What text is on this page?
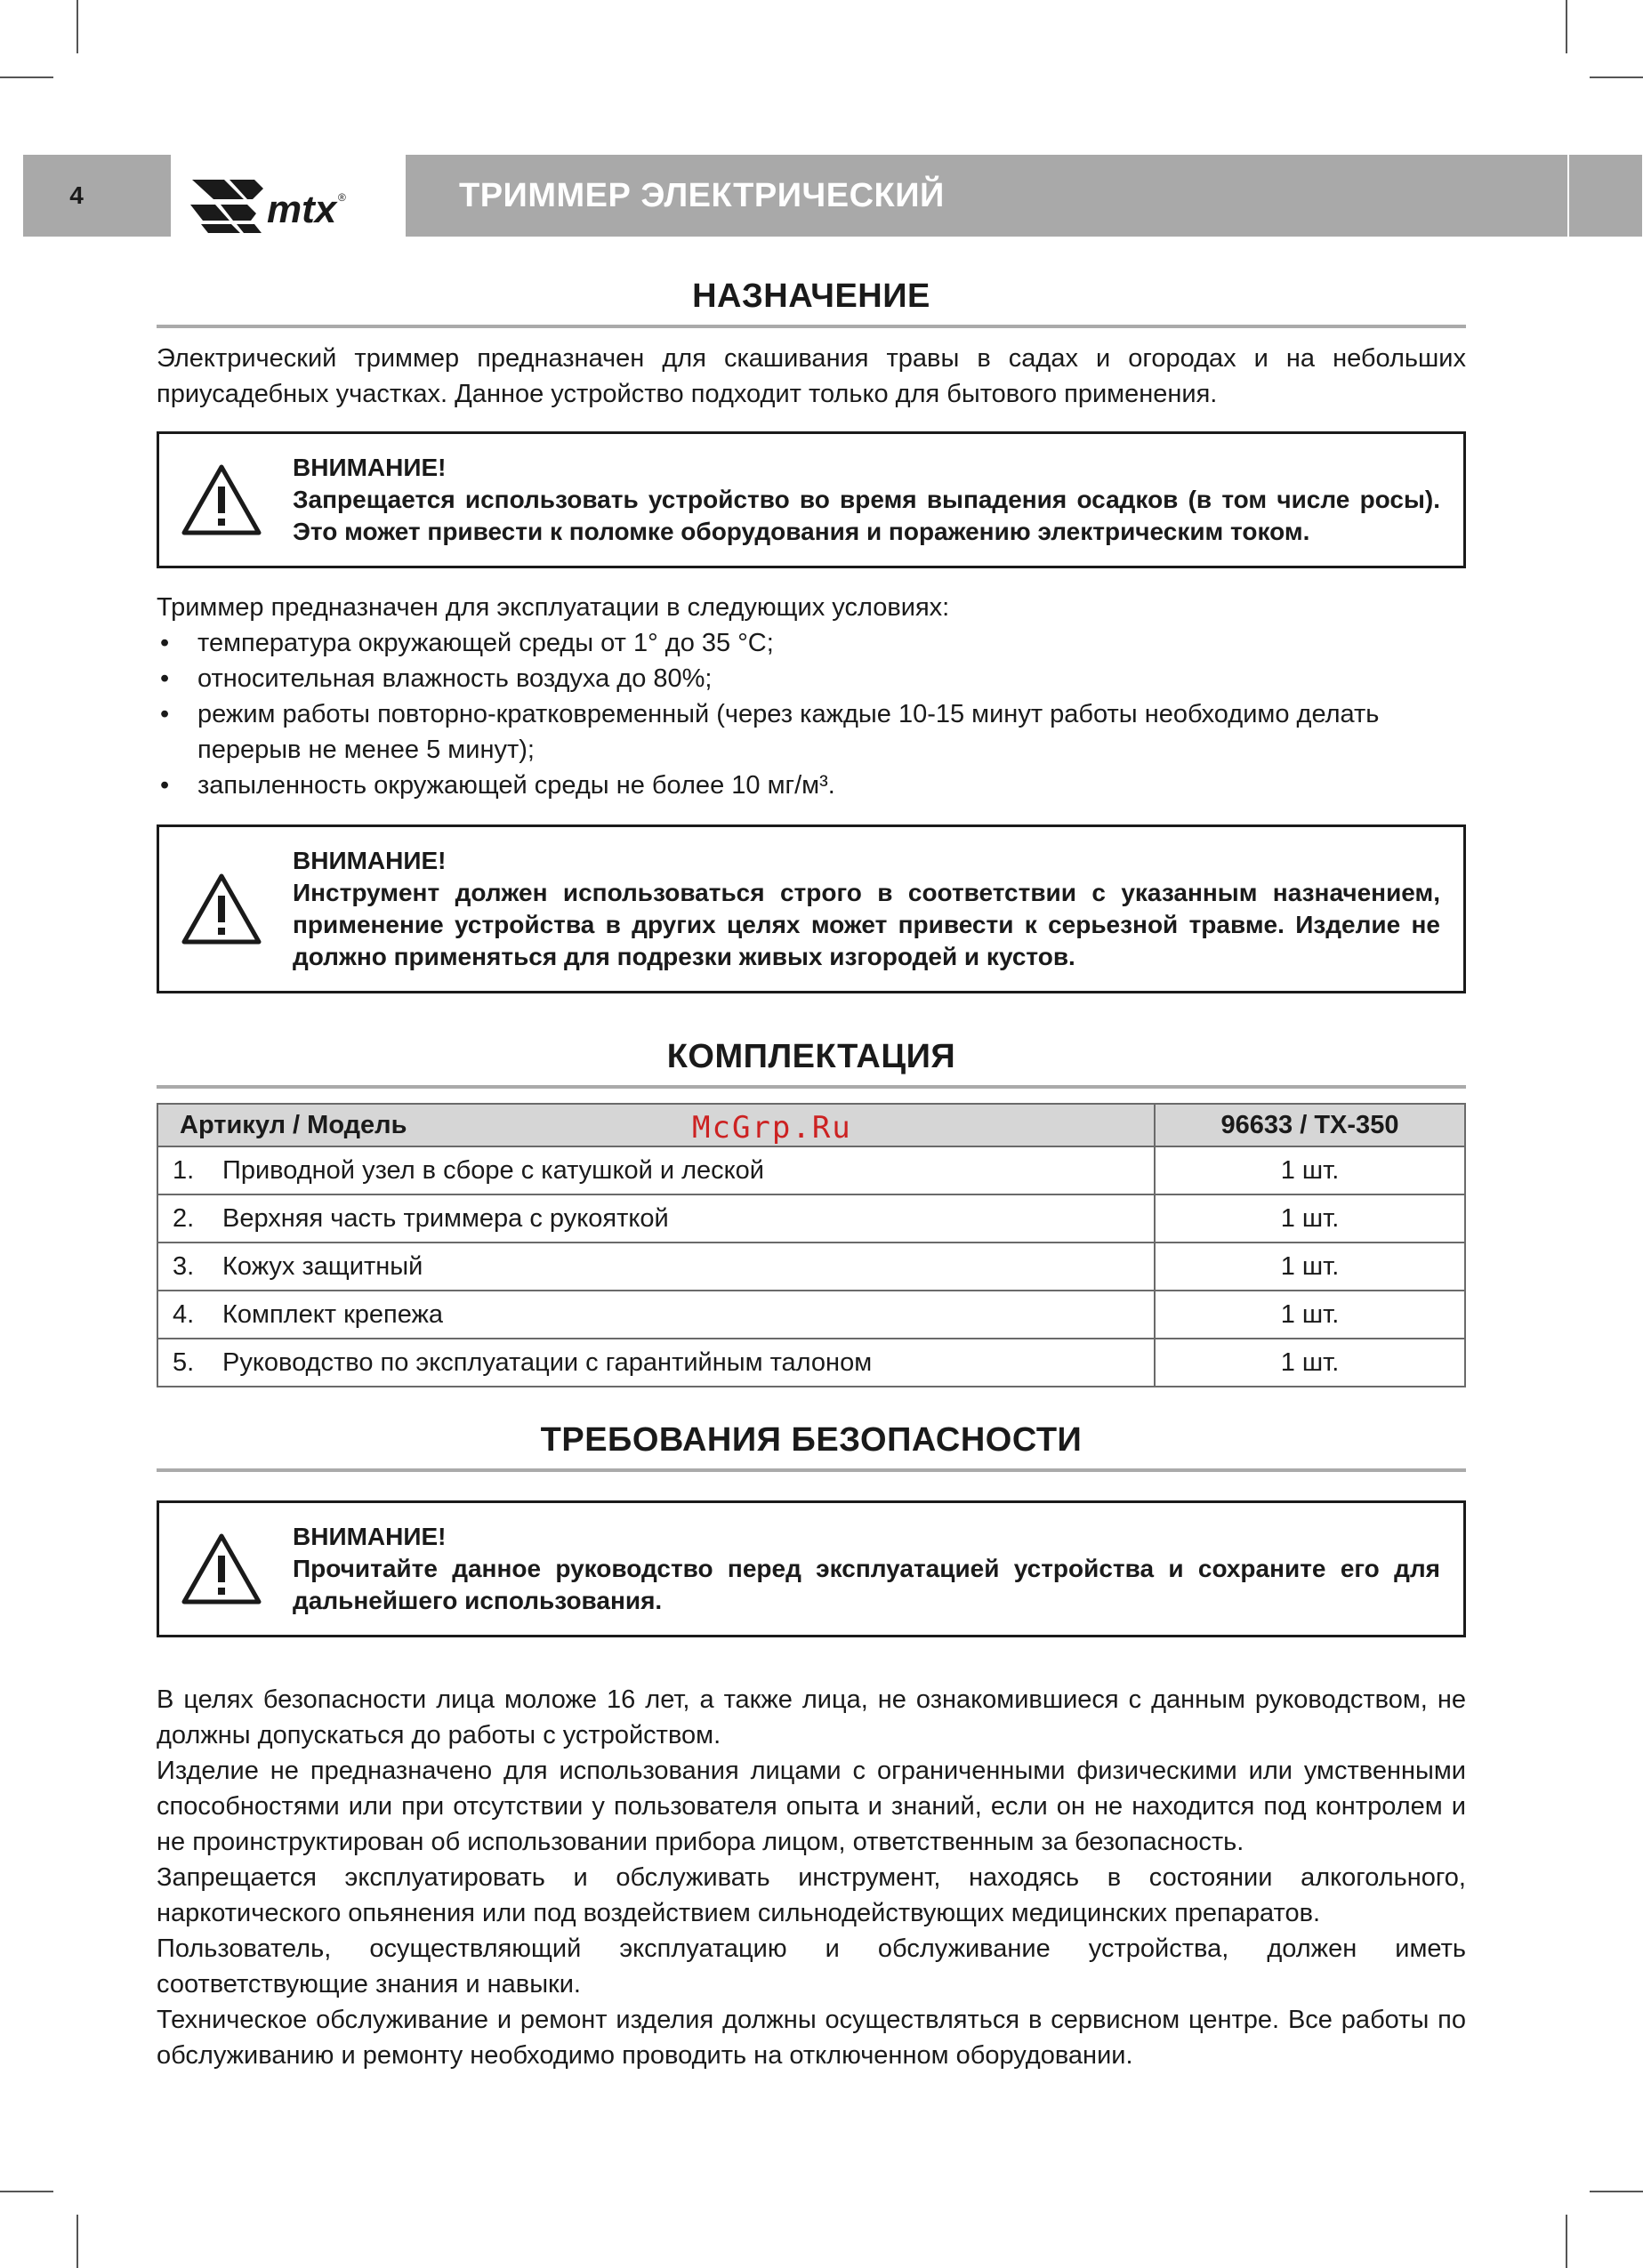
4	mtx ®	ТРИММЕР ЭЛЕКТРИЧЕСКИЙ
НАЗНАЧЕНИЕ

Электрический триммер предназначен для скашивания травы в садах и огородах и на небольших приусадебных участках. Данное устройство подходит только для бытового применения.

ВНИМАНИЕ!
Запрещается использовать устройство во время выпадения осадков (в том числе росы). Это может привести к поломке оборудования и поражению электрическим током.

Триммер предназначен для эксплуатации в следующих условиях:

• температура окружающей среды от 1° до 35 °С;
• относительная влажность воздуха до 80%;
• режим работы повторно-кратковременный (через каждые 10-15 минут работы необходимо делать перерыв не менее 5 минут);
• запыленность окружающей среды не более 10 мг/м³.
ВНИМАНИЕ!
Инструмент должен использоваться строго в соответствии с указанным назначением, применение устройства в других целях может привести к серьезной травме. Изделие не должно применяться для подрезки живых изгородей и кустов.
КОМПЛЕКТАЦИЯ
Артикул / Модель McGrp.Ru	96633 / TX-350
1. Приводной узел в сборе с катушкой и леской	1 шт.
2. Верхняя часть триммера с рукояткой	1 шт.
3. Кожух защитный	1 шт.
4. Комплект крепежа	1 шт.
5. Руководство по эксплуатации с гарантийным талоном	1 шт.
ТРЕБОВАНИЯ БЕЗОПАСНОСТИ
ВНИМАНИЕ!
Прочитайте данное руководство перед эксплуатацией устройства и сохраните его для дальнейшего использования.

В целях безопасности лица моложе 16 лет, а также лица, не ознакомившиеся с данным руководством, не должны допускаться до работы с устройством.

Изделие не предназначено для использования лицами с ограниченными физическими или умственными способностями или при отсутствии у пользователя опыта и знаний, если он не находится под контролем и не проинструктирован об использовании прибора лицом, ответственным за безопасность.

Запрещается эксплуатировать и обслуживать инструмент, находясь в состоянии алкогольного, наркотического опьянения или под воздействием сильнодействующих медицинских препаратов.

Пользователь, осуществляющий эксплуатацию и обслуживание устройства, должен иметь соответствующие знания и навыки.

Техническое обслуживание и ремонт изделия должны осуществляться в сервисном центре. Все работы по обслуживанию и ремонту необходимо проводить на отключенном оборудовании.
